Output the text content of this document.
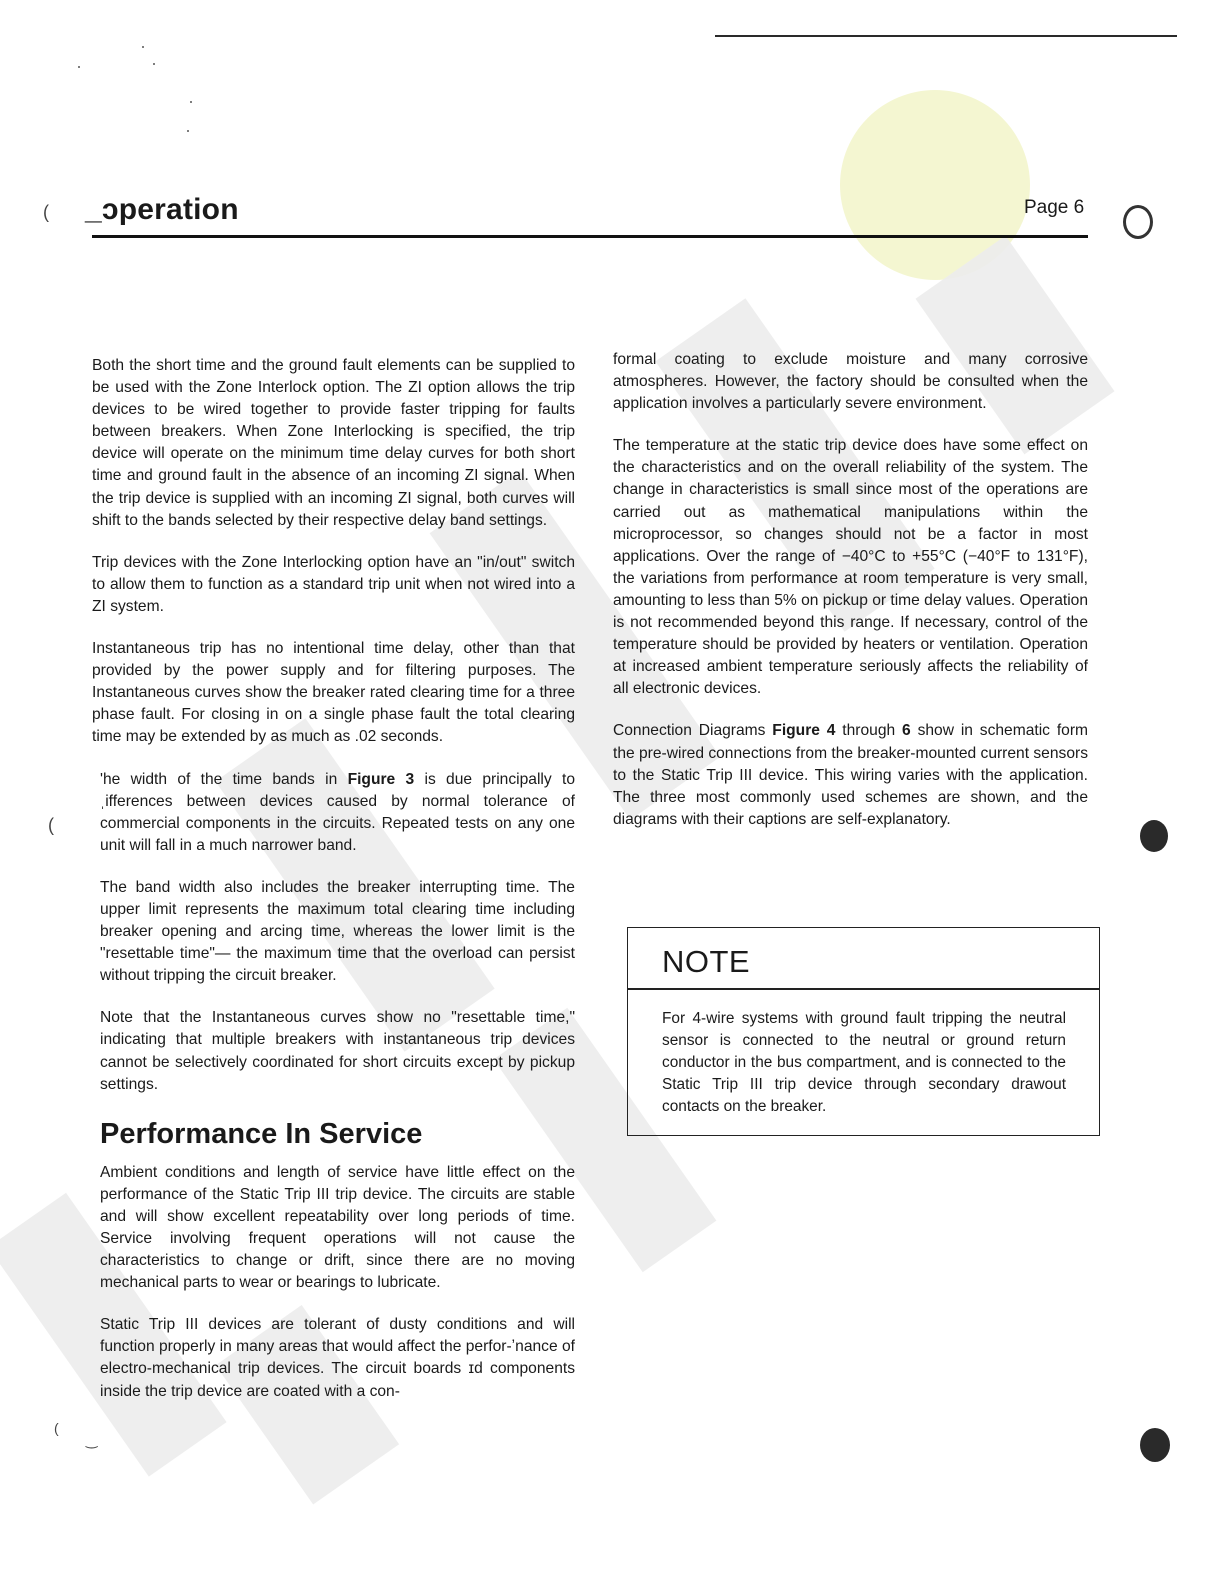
(
(
(
‿
_ɔperation	Page 6

Both the short time and the ground fault elements can be supplied to be used with the Zone Interlock option. The ZI option allows the trip devices to be wired together to provide faster tripping for faults between breakers. When Zone Interlocking is specified, the trip device will operate on the minimum time delay curves for both short time and ground fault in the absence of an incoming ZI signal. When the trip device is supplied with an incoming ZI signal, both curves will shift to the bands selected by their respective delay band settings.

Trip devices with the Zone Interlocking option have an "in/out" switch to allow them to function as a standard trip unit when not wired into a ZI system.

Instantaneous trip has no intentional time delay, other than that provided by the power supply and for filtering purposes. The Instantaneous curves show the breaker rated clearing time for a three phase fault. For closing in on a single phase fault the total clearing time may be extended by as much as .02 seconds.

'he width of the time bands in Figure 3 is due principally to ˌifferences between devices caused by normal tolerance of commercial components in the circuits. Repeated tests on any one unit will fall in a much narrower band.

The band width also includes the breaker interrupting time. The upper limit represents the maximum total clearing time including breaker opening and arcing time, whereas the lower limit is the "resettable time"— the maximum time that the overload can persist without tripping the circuit breaker.

Note that the Instantaneous curves show no "resettable time," indicating that multiple breakers with instantaneous trip devices cannot be selectively coordinated for short circuits except by pickup settings.

Performance In Service

Ambient conditions and length of service have little effect on the performance of the Static Trip III trip device. The circuits are stable and will show excellent repeatability over long periods of time. Service involving frequent operations will not cause the characteristics to change or drift, since there are no moving mechanical parts to wear or bearings to lubricate.

Static Trip III devices are tolerant of dusty conditions and will function properly in many areas that would affect the perfor-ʼnance of electro-mechanical trip devices. The circuit boards ɪd components inside the trip device are coated with a con-

formal coating to exclude moisture and many corrosive atmospheres. However, the factory should be consulted when the application involves a particularly severe environment.

The temperature at the static trip device does have some effect on the characteristics and on the overall reliability of the system. The change in characteristics is small since most of the operations are carried out as mathematical manipulations within the microprocessor, so changes should not be a factor in most applications. Over the range of −40°C to +55°C (−40°F to 131°F), the variations from performance at room temperature is very small, amounting to less than 5% on pickup or time delay values. Operation is not recommended beyond this range. If necessary, control of the temperature should be provided by heaters or ventilation. Operation at increased ambient temperature seriously affects the reliability of all electronic devices.

Connection Diagrams Figure 4 through 6 show in schematic form the pre-wired connections from the breaker-mounted current sensors to the Static Trip III device. This wiring varies with the application. The three most commonly used schemes are shown, and the diagrams with their captions are self-explanatory.

NOTE
For 4-wire systems with ground fault tripping the neutral sensor is connected to the neutral or ground return conductor in the bus compartment, and is connected to the Static Trip III trip device through secondary drawout contacts on the breaker.
